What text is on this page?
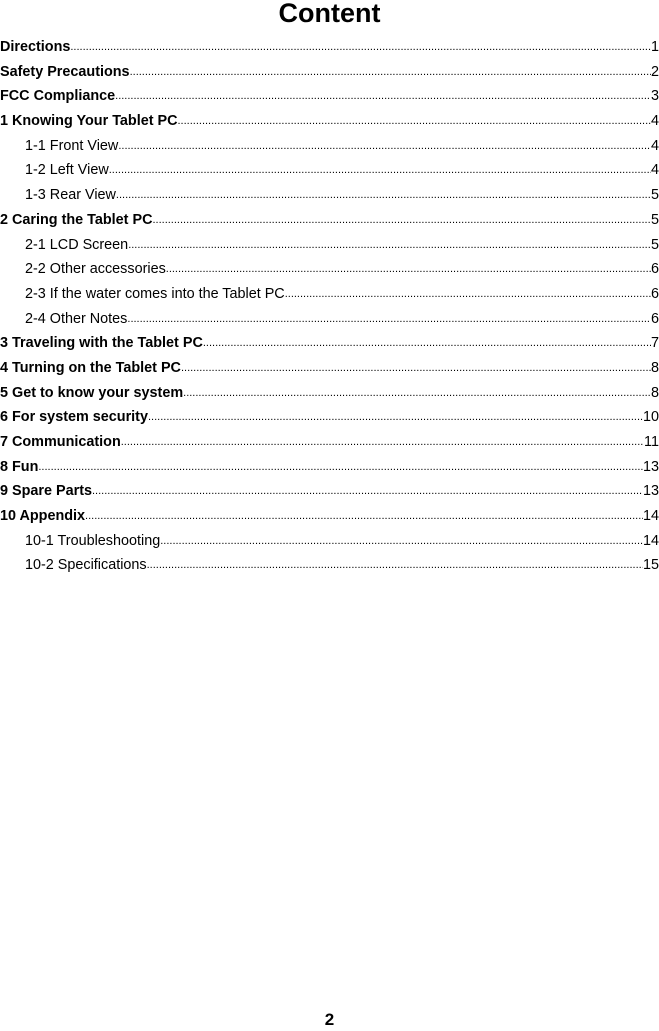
Content
Directions .....	1
Safety Precautions .....	2
FCC Compliance .....	3
1 Knowing Your Tablet PC .....	4
1-1 Front View .....	4
1-2 Left View .....	4
1-3 Rear View .....	5
2 Caring the Tablet PC .....	5
2-1 LCD Screen .....	5
2-2 Other accessories .....	6
2-3 If the water comes into the Tablet PC .....	6
2-4 Other Notes .....	6
3 Traveling with the Tablet PC .....	7
4 Turning on the Tablet PC .....	8
5 Get to know your system .....	8
6 For system security .....	10
7 Communication .....	11
8 Fun .....	13
9 Spare Parts .....	13
10 Appendix .....	14
10-1 Troubleshooting .....	14
10-2 Specifications .....	15
2
